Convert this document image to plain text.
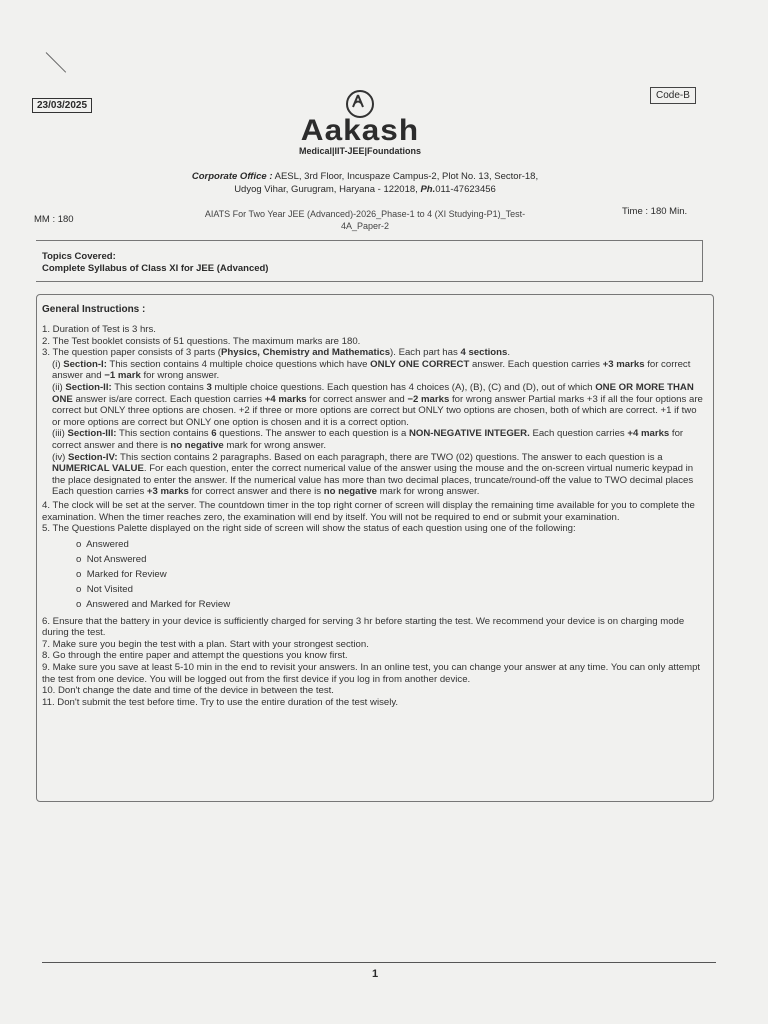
23/03/2025
Code-B
Aakash
Medical|IIT-JEE|Foundations
Corporate Office : AESL, 3rd Floor, Incuspaze Campus-2, Plot No. 13, Sector-18,
Udyog Vihar, Gurugram, Haryana - 122018, Ph.011-47623456
MM : 180
Time : 180 Min.
AIATS For Two Year JEE (Advanced)-2026_Phase-1 to 4 (XI Studying-P1)_Test-
4A_Paper-2
Topics Covered:
Complete Syllabus of Class XI for JEE (Advanced)
General Instructions :
1. Duration of Test is 3 hrs.
2. The Test booklet consists of 51 questions. The maximum marks are 180.
3. The question paper consists of 3 parts (Physics, Chemistry and Mathematics). Each part has 4 sections.
(i) Section-I: This section contains 4 multiple choice questions which have ONLY ONE CORRECT answer. Each question carries +3 marks for correct answer and −1 mark for wrong answer.
(ii) Section-II: This section contains 3 multiple choice questions. Each question has 4 choices (A), (B), (C) and (D), out of which ONE OR MORE THAN ONE answer is/are correct. Each question carries +4 marks for correct answer and −2 marks for wrong answer Partial marks +3 if all the four options are correct but ONLY three options are chosen. +2 if three or more options are correct but ONLY two options are chosen, both of which are correct. +1 if two or more options are correct but ONLY one option is chosen and it is a correct option.
(iii) Section-III: This section contains 6 questions. The answer to each question is a NON-NEGATIVE INTEGER. Each question carries +4 marks for correct answer and there is no negative mark for wrong answer.
(iv) Section-IV: This section contains 2 paragraphs. Based on each paragraph, there are TWO (02) questions. The answer to each question is a NUMERICAL VALUE. For each question, enter the correct numerical value of the answer using the mouse and the on-screen virtual numeric keypad in the place designated to enter the answer. If the numerical value has more than two decimal places, truncate/round-off the value to TWO decimal places Each question carries +3 marks for correct answer and there is no negative mark for wrong answer.
4. The clock will be set at the server. The countdown timer in the top right corner of screen will display the remaining time available for you to complete the examination. When the timer reaches zero, the examination will end by itself. You will not be required to end or submit your examination.
5. The Questions Palette displayed on the right side of screen will show the status of each question using one of the following:
o Answered
o Not Answered
o Marked for Review
o Not Visited
o Answered and Marked for Review
6. Ensure that the battery in your device is sufficiently charged for serving 3 hr before starting the test. We recommend your device is on charging mode during the test.
7. Make sure you begin the test with a plan. Start with your strongest section.
8. Go through the entire paper and attempt the questions you know first.
9. Make sure you save at least 5-10 min in the end to revisit your answers. In an online test, you can change your answer at any time. You can only attempt the test from one device. You will be logged out from the first device if you log in from another device.
10. Don't change the date and time of the device in between the test.
11. Don't submit the test before time. Try to use the entire duration of the test wisely.
1
